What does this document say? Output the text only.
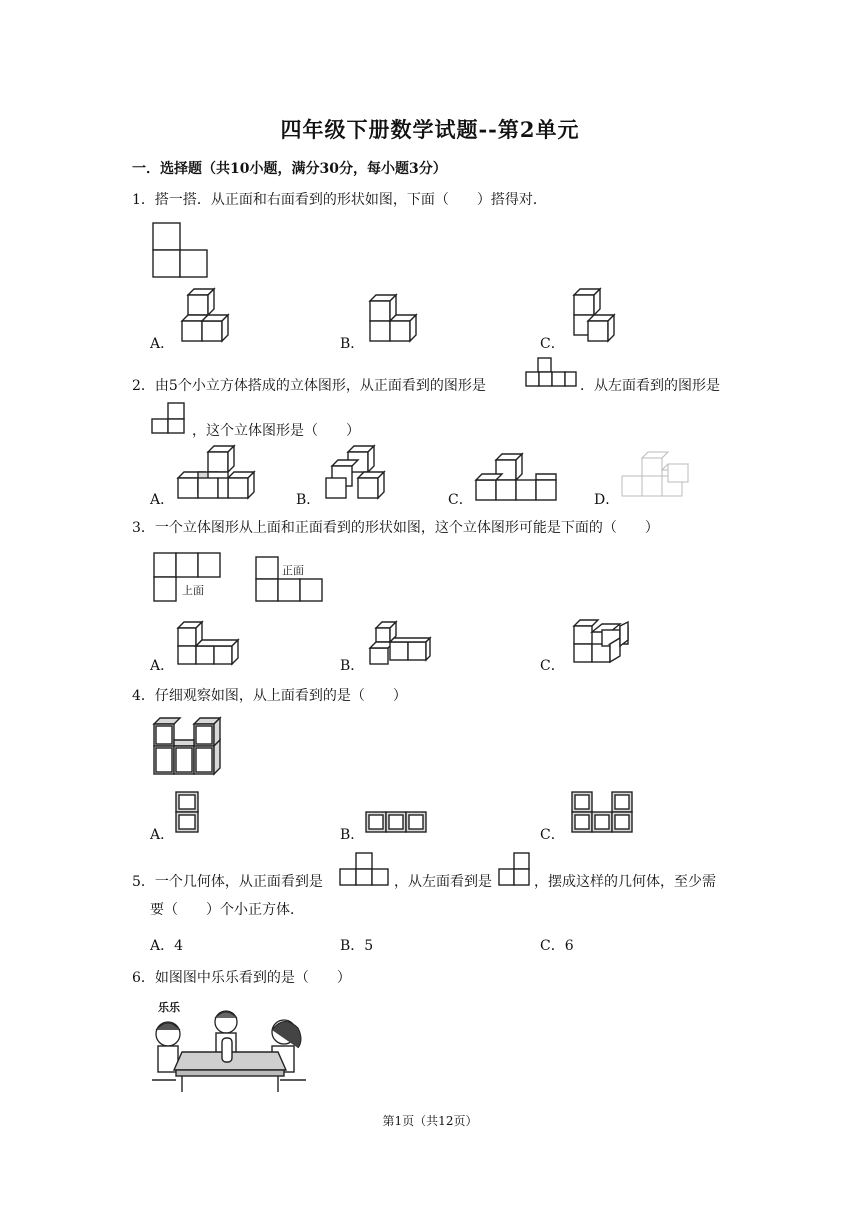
四年级下册数学试题--第2单元
一．选择题（共10小题，满分30分，每小题3分）
1．搭一搭．从正面和右面看到的形状如图，下面（　　）搭得对．
A．	B．	C．
2．由5个小立方体搭成的立体图形，从正面看到的图形是	．从左面看到的图形是
，这个立体图形是（　　）
A．	B．	C．	D．
3．一个立体图形从上面和正面看到的形状如图，这个立体图形可能是下面的（　　）
上面
正面
A．	B．	C．
4．仔细观察如图，从上面看到的是（　　）
A．	B．	C．
5．一个几何体，从正面看到是	，从左面看到是	，摆成这样的几何体，至少需
要（　　）个小正方体．
A．4	B．5	C．6
6．如图图中乐乐看到的是（　　）
乐乐
第1页（共12页）
